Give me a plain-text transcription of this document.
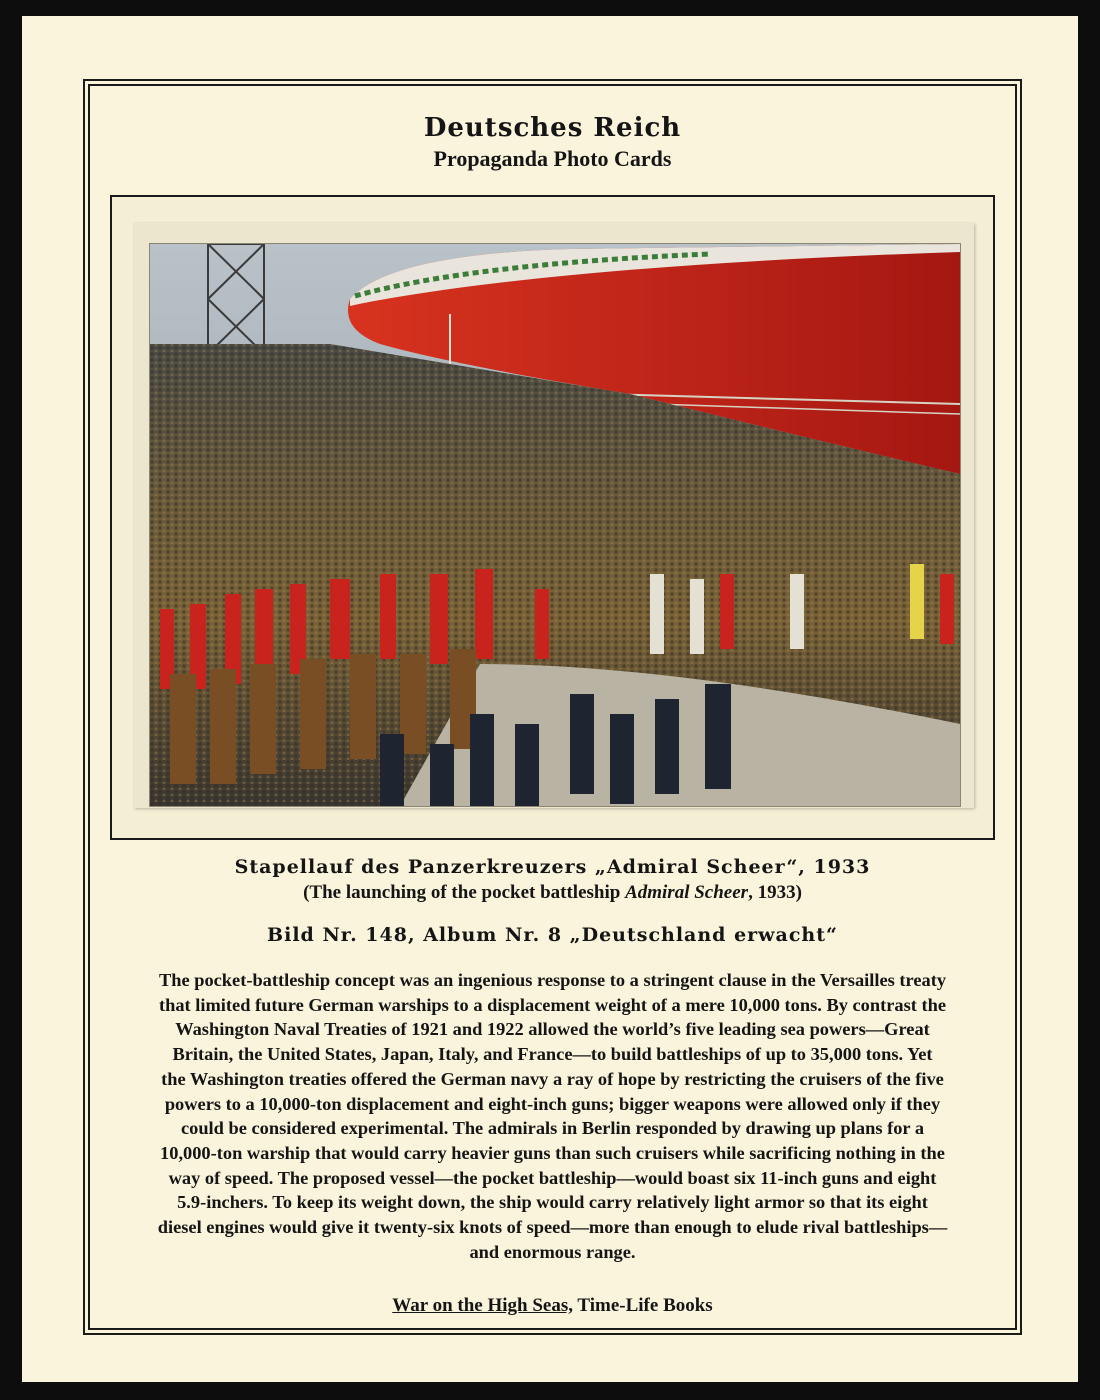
Deutsches Reich
Propaganda Photo Cards
Stapellauf des Panzerkreuzers „Admiral Scheer“, 1933
(The launching of the pocket battleship Admiral Scheer, 1933)
Bild Nr. 148, Album Nr. 8 „Deutschland erwacht“
The pocket-battleship concept was an ingenious response to a stringent clause in the Versailles treaty
that limited future German warships to a displacement weight of a mere 10,000 tons. By contrast the
Washington Naval Treaties of 1921 and 1922 allowed the world’s five leading sea powers—Great
Britain, the United States, Japan, Italy, and France—to build battleships of up to 35,000 tons. Yet
the Washington treaties offered the German navy a ray of hope by restricting the cruisers of the five
powers to a 10,000-ton displacement and eight-inch guns; bigger weapons were allowed only if they
could be considered experimental. The admirals in Berlin responded by drawing up plans for a
10,000-ton warship that would carry heavier guns than such cruisers while sacrificing nothing in the
way of speed. The proposed vessel—the pocket battleship—would boast six 11-inch guns and eight
5.9-inchers. To keep its weight down, the ship would carry relatively light armor so that its eight
diesel engines would give it twenty-six knots of speed—more than enough to elude rival battleships—
and enormous range.
War on the High Seas, Time-Life Books
